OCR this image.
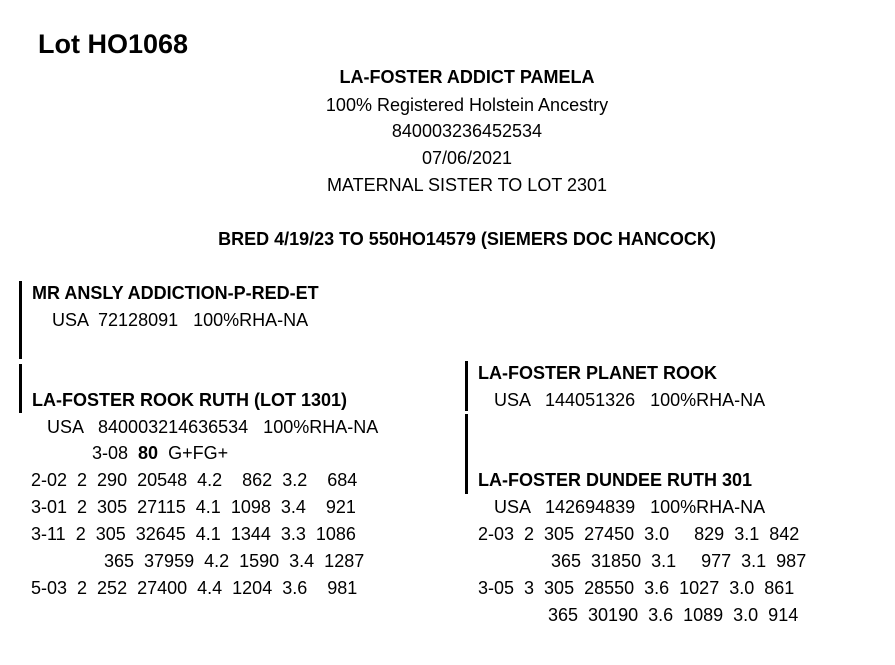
Lot HO1068
LA-FOSTER ADDICT PAMELA
100% Registered Holstein Ancestry
840003236452534
07/06/2021
MATERNAL SISTER TO LOT 2301
BRED 4/19/23 TO 550HO14579 (SIEMERS DOC HANCOCK)
MR ANSLY ADDICTION-P-RED-ET
USA  72128091   100%RHA-NA
LA-FOSTER ROOK RUTH (LOT 1301)
USA   840003214636534   100%RHA-NA
3-08 80 G+FG+
2-02  2  290  20548  4.2    862  3.2    684
3-01  2  305  27115  4.1  1098  3.4    921
3-11  2  305  32645  4.1  1344  3.3  1086
365  37959  4.2  1590  3.4  1287
5-03  2  252  27400  4.4  1204  3.6    981
LA-FOSTER PLANET ROOK
USA   144051326   100%RHA-NA
LA-FOSTER DUNDEE RUTH 301
USA   142694839   100%RHA-NA
2-03  2  305  27450  3.0     829  3.1  842
365  31850  3.1     977  3.1  987
3-05  3  305  28550  3.6  1027  3.0  861
365  30190  3.6  1089  3.0  914
